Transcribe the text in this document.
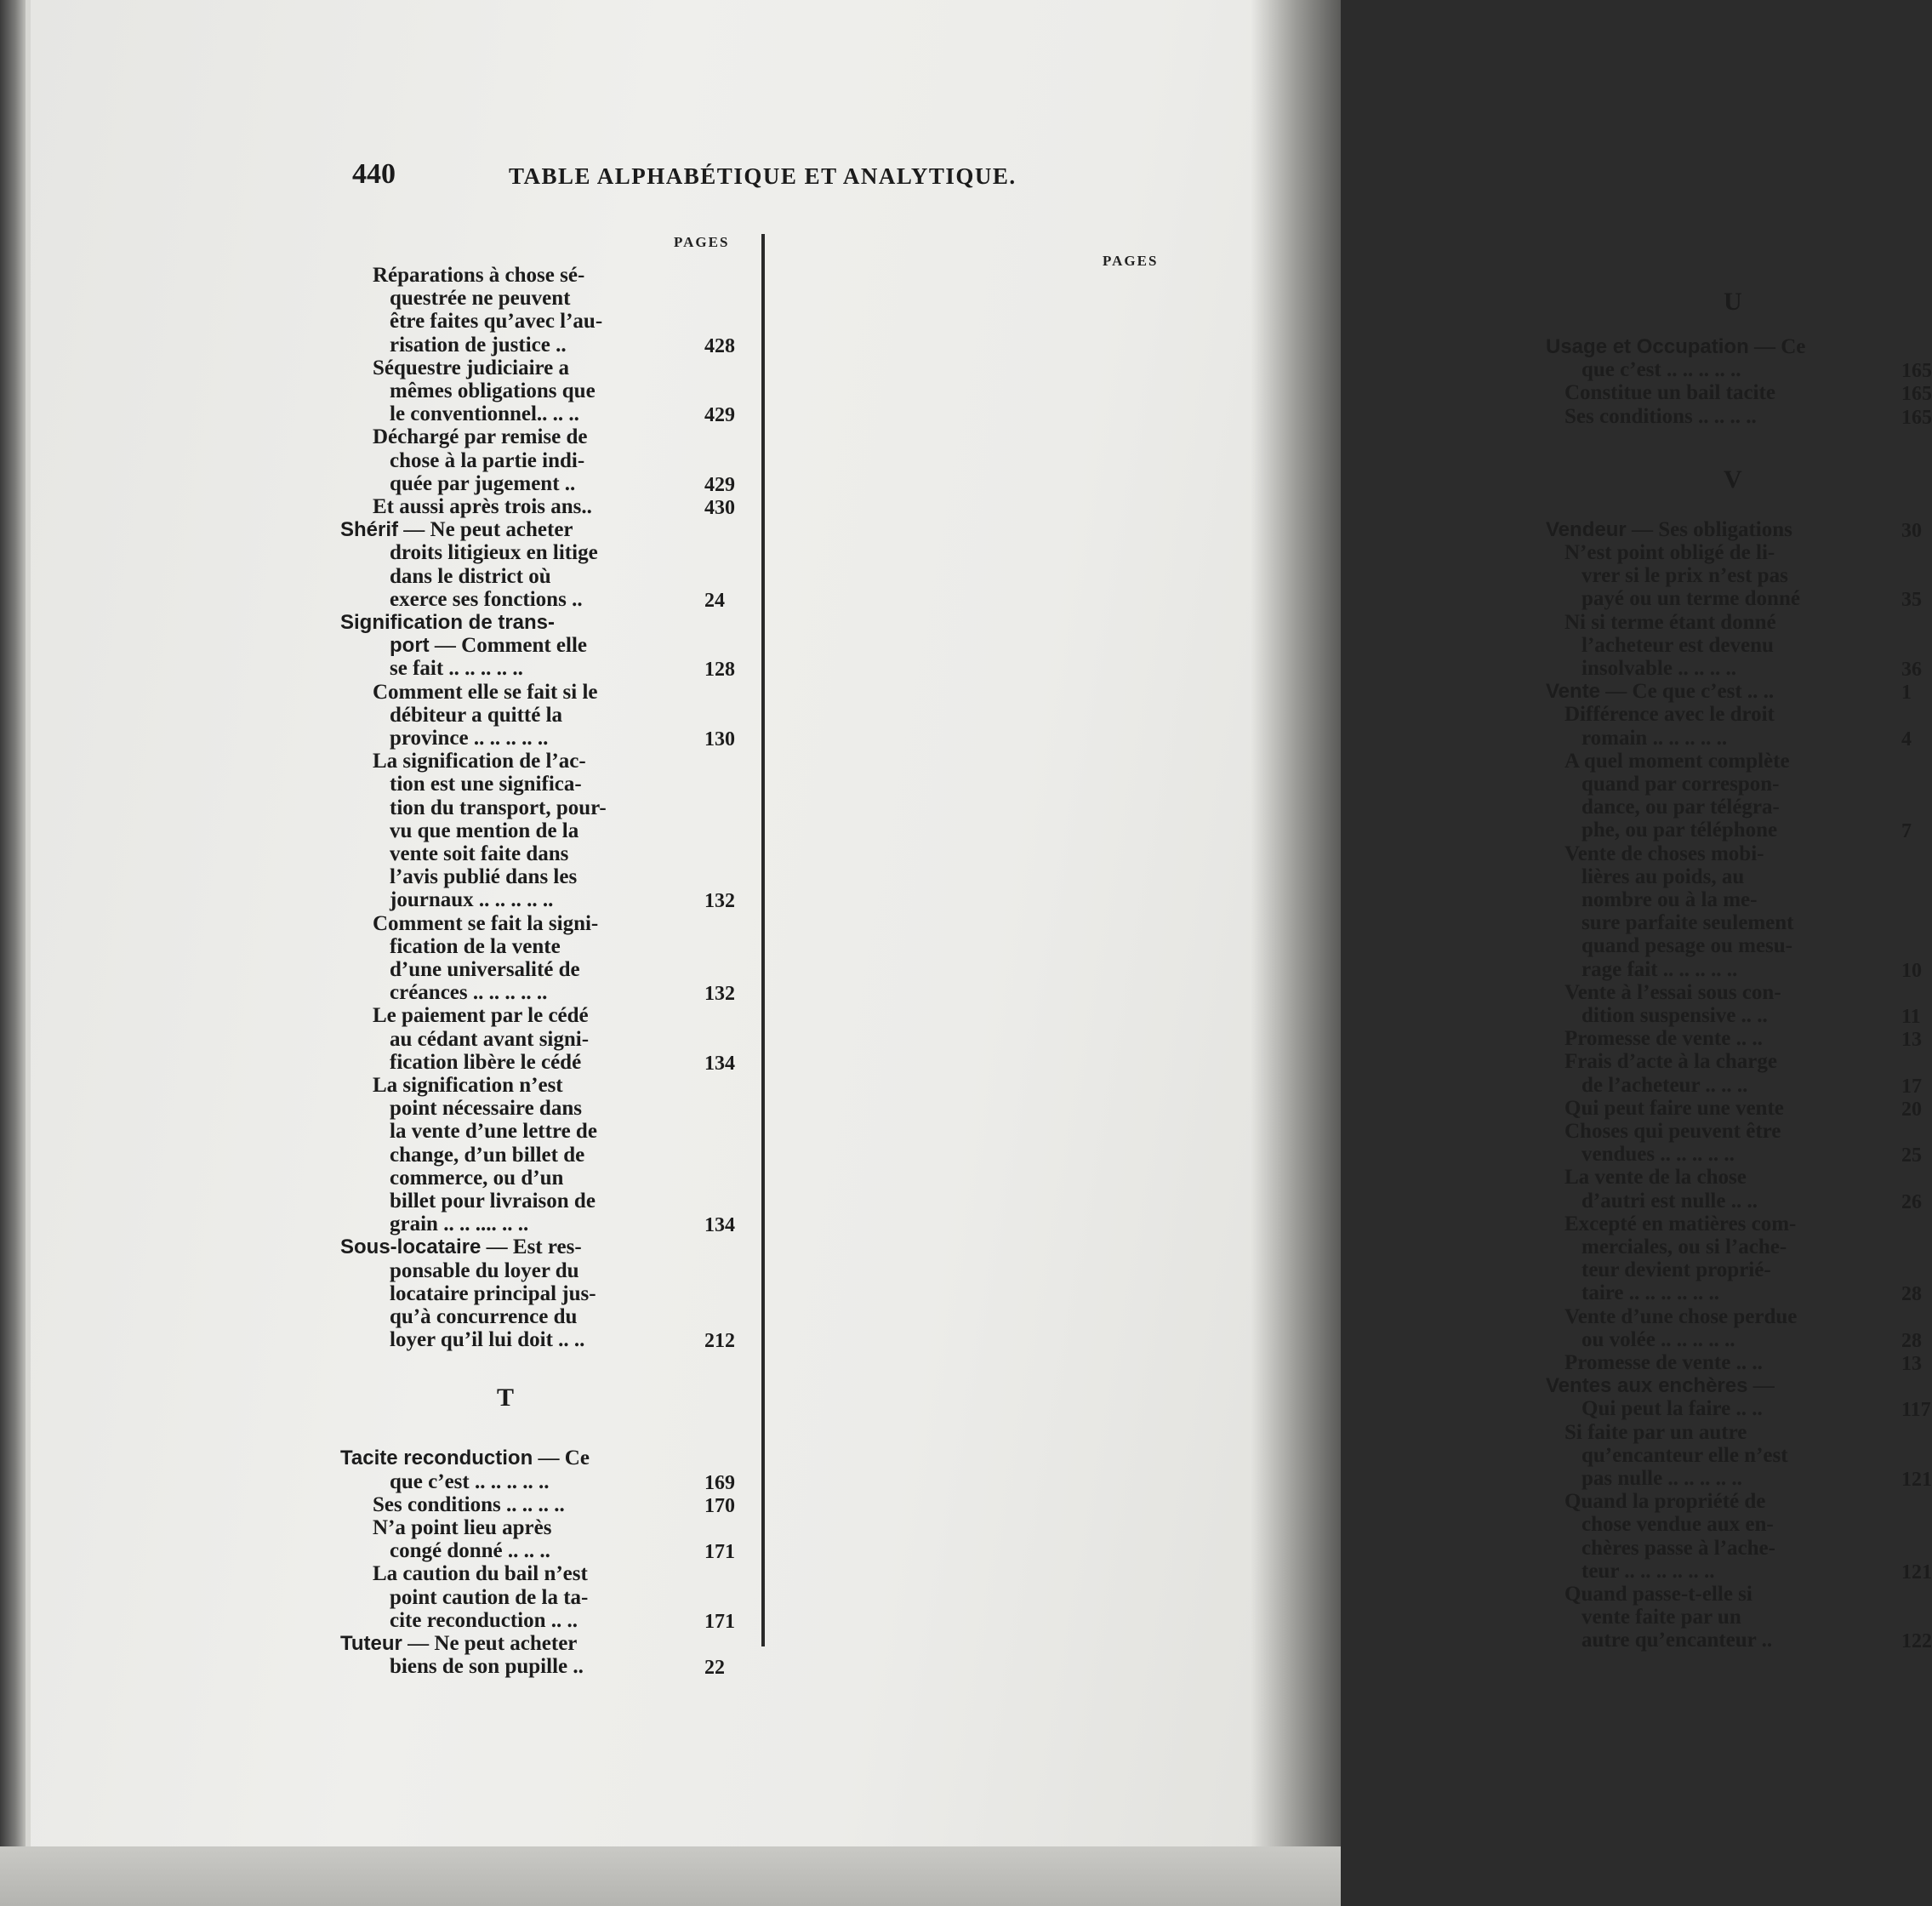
440	TABLE ALPHABÉTIQUE ET ANALYTIQUE.
PAGES
PAGES
Réparations à chose sé-
questrée ne peuvent
être faites qu’avec l’au-
risation de justice ..	428
Séquestre judiciaire a
mêmes obligations que
le conventionnel.. .. ..	429
Déchargé par remise de
chose à la partie indi-
quée par jugement ..	429
Et aussi après trois ans..	430
Shérif — Ne peut acheter
droits litigieux en litige
dans le district où
exerce ses fonctions ..	24
Signification de trans-
port — Comment elle
se fait .. .. .. .. ..	128
Comment elle se fait si le
débiteur a quitté la
province .. .. .. .. ..	130
La signification de l’ac-
tion est une significa-
tion du transport, pour-
vu que mention de la
vente soit faite dans
l’avis publié dans les
journaux .. .. .. .. ..	132
Comment se fait la signi-
fication de la vente
d’une universalité de
créances .. .. .. .. ..	132
Le paiement par le cédé
au cédant avant signi-
fication libère le cédé	134
La signification n’est
point nécessaire dans
la vente d’une lettre de
change, d’un billet de
commerce, ou d’un
billet pour livraison de
grain .. .. .... .. ..	134
Sous-locataire — Est res-
ponsable du loyer du
locataire principal jus-
qu’à concurrence du
loyer qu’il lui doit .. ..	212
T
Tacite reconduction — Ce
que c’est .. .. .. .. ..	169
Ses conditions .. .. .. ..	170
N’a point lieu après
congé donné .. .. ..	171
La caution du bail n’est
point caution de la ta-
cite reconduction .. ..	171
Tuteur — Ne peut acheter
biens de son pupille ..	22
U
Usage et Occupation — Ce
que c’est .. .. .. .. ..	165
Constitue un bail tacite	165
Ses conditions .. .. .. ..	165
V
Vendeur — Ses obligations	30
N’est point obligé de li-
vrer si le prix n’est pas
payé ou un terme donné	35
Ni si terme étant donné
l’acheteur est devenu
insolvable .. .. .. ..	36
Vente — Ce que c’est .. ..	1
Différence avec le droit
romain .. .. .. .. ..	4
A quel moment complète
quand par correspon-
dance, ou par télégra-
phe, ou par téléphone	7
Vente de choses mobi-
lières au poids, au
nombre ou à la me-
sure parfaite seulement
quand pesage ou mesu-
rage fait .. .. .. .. ..	10
Vente à l’essai sous con-
dition suspensive .. ..	11
Promesse de vente .. ..	13
Frais d’acte à la charge
de l’acheteur .. .. ..	17
Qui peut faire une vente	20
Choses qui peuvent être
vendues .. .. .. .. ..	25
La vente de la chose
d’autri est nulle .. ..	26
Excepté en matières com-
merciales, ou si l’ache-
teur devient proprié-
taire .. .. .. .. .. ..	28
Vente d’une chose perdue
ou volée .. .. .. .. ..	28
Promesse de vente .. ..	13
Ventes aux enchères —
Qui peut la faire .. ..	117
Si faite par un autre
qu’encanteur elle n’est
pas nulle .. .. .. .. ..	121
Quand la propriété de
chose vendue aux en-
chères passe à l’ache-
teur .. .. .. .. .. ..	121
Quand passe-t-elle si
vente faite par un
autre qu’encanteur ..	122
